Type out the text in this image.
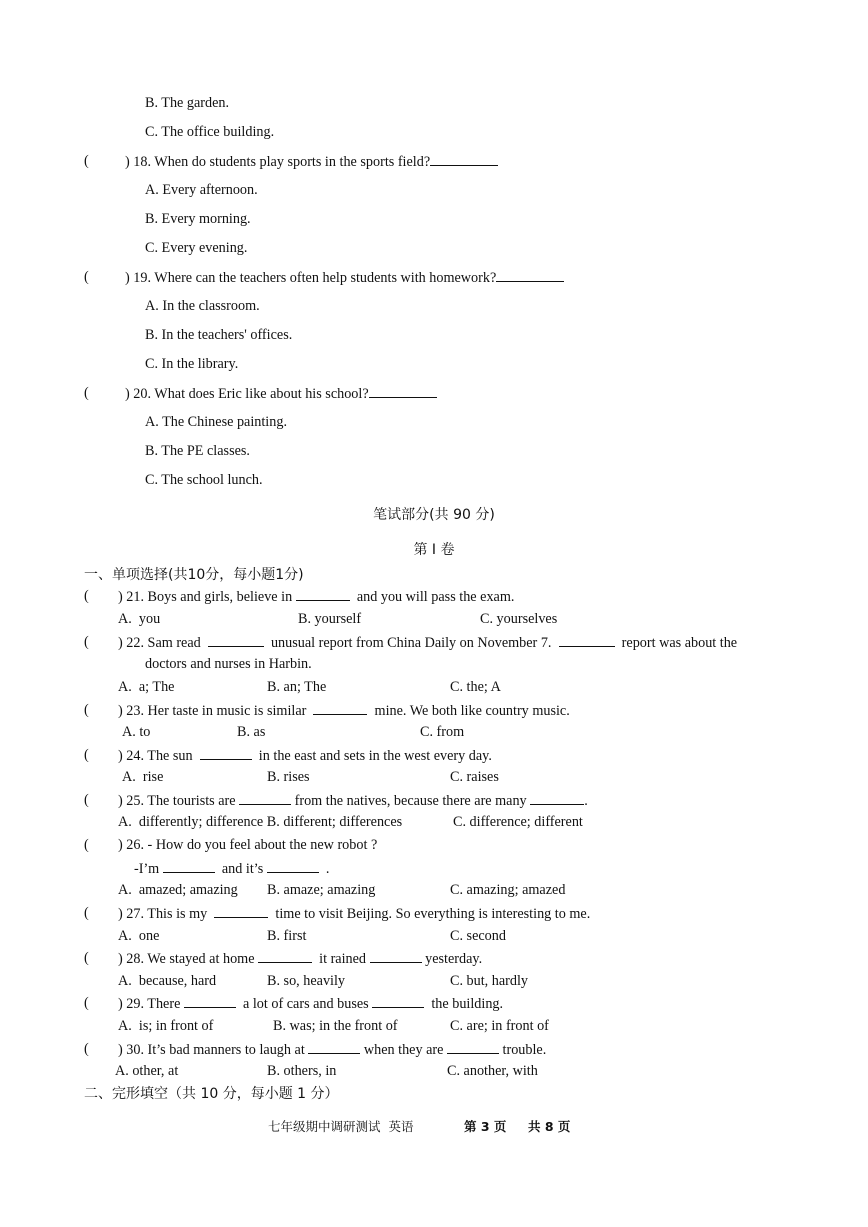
B. The garden.
C. The office building.
(	) 18. When do students play sports in the sports field?
A. Every afternoon.
B. Every morning.
C. Every evening.
(	) 19. Where can the teachers often help students with homework?
A. In the classroom.
B. In the teachers' offices.
C. In the library.
(	) 20. What does Eric like about his school?
A. The Chinese painting.
B. The PE classes.
C. The school lunch.
笔试部分(共 90 分)
第 I 卷
一、单项选择(共10分，每小题1分)
( ) 21. Boys and girls, believe in	and you will pass the exam.
A.  you	B. yourself	C. yourselves
( ) 22. Sam read	unusual report from China Daily on November 7.	report was about the
doctors and nurses in Harbin.
A.  a; The	B. an; The	C. the; A
( ) 23. Her taste in music is similar	mine. We both like country music.
A. to	B. as	C. from
( ) 24. The sun	in the east and sets in the west every day.
A.  rise	B. rises	C. raises
( ) 25. The tourists are	from the natives, because there are many	.
A.  differently; difference B. different; differences	C. difference; different
( ) 26. - How do you feel about the new robot ?
-I’m	and it’s	.
A.  amazed; amazing B. amaze; amazing	C. amazing; amazed
( ) 27. This is my	time to visit Beijing. So everything is interesting to me.
A.  one	B. first	C. second
( ) 28. We stayed at home	it rained	yesterday.
A.  because, hard	B. so, heavily	C. but, hardly
( ) 29. There	a lot of cars and buses	the building.
A.  is; in front of	B. was; in the front of	C. are; in front of
( ) 30. It’s bad manners to laugh at	when they are	trouble.
A. other, at	B. others, in	C. another, with
二、完形填空（共 10 分，每小题 1 分）
七年级期中调研测试  英语	第 3 页 共 8 页
